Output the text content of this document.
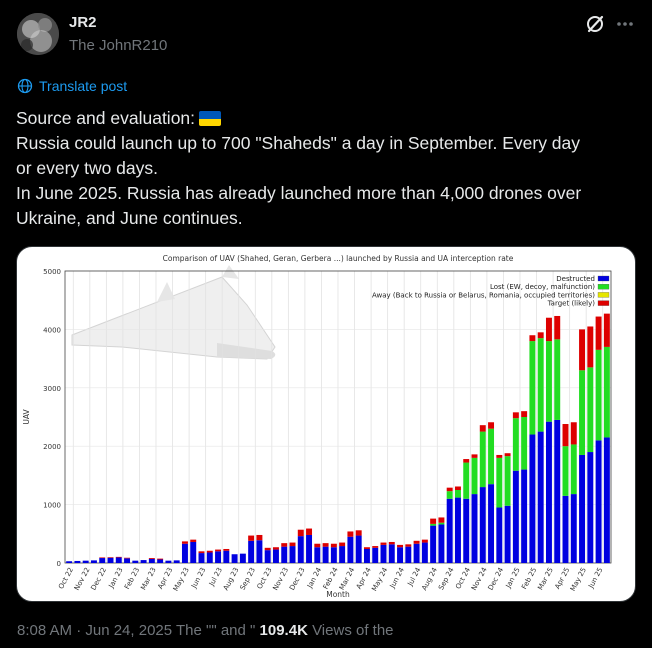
JR2
The JohnR210
Translate post
Source and evaluation:
Russia could launch up to 700 "Shaheds" a day in September. Every day
or every two days.
In June 2025. Russia has already launched more than 4,000 drones over
Ukraine, and June continues.
Comparison of UAV (Shahed, Geran, Gerbera ...) launched by Russia and UA interception rate
0
1000
2000
3000
4000
5000
Oct 22
Nov 22
Dec 22 Jan 23
Feb 23
Mar 23
Apr 23
May 23 Jun 23 Jul 23
Aug 23
Sep 23
Oct 23
Nov 23
Dec 23 Jan 24
Feb 24
Mar 24
Apr 24
May 24 Jun 24 Jul 24
Aug 24
Sep 24
Oct 24
Nov 24
Dec 24 Jan 25
Feb 25
Mar 25
Apr 25
May 25 Jun 25
Month
UAV
Destructed
Lost (EW, decoy, malfunction)
Away (Back to Russia or Belarus, Romania, occupied territories)
Target (likely)
8:08 AM · Jun 24, 2025 The "" and " 109.4K Views of the
